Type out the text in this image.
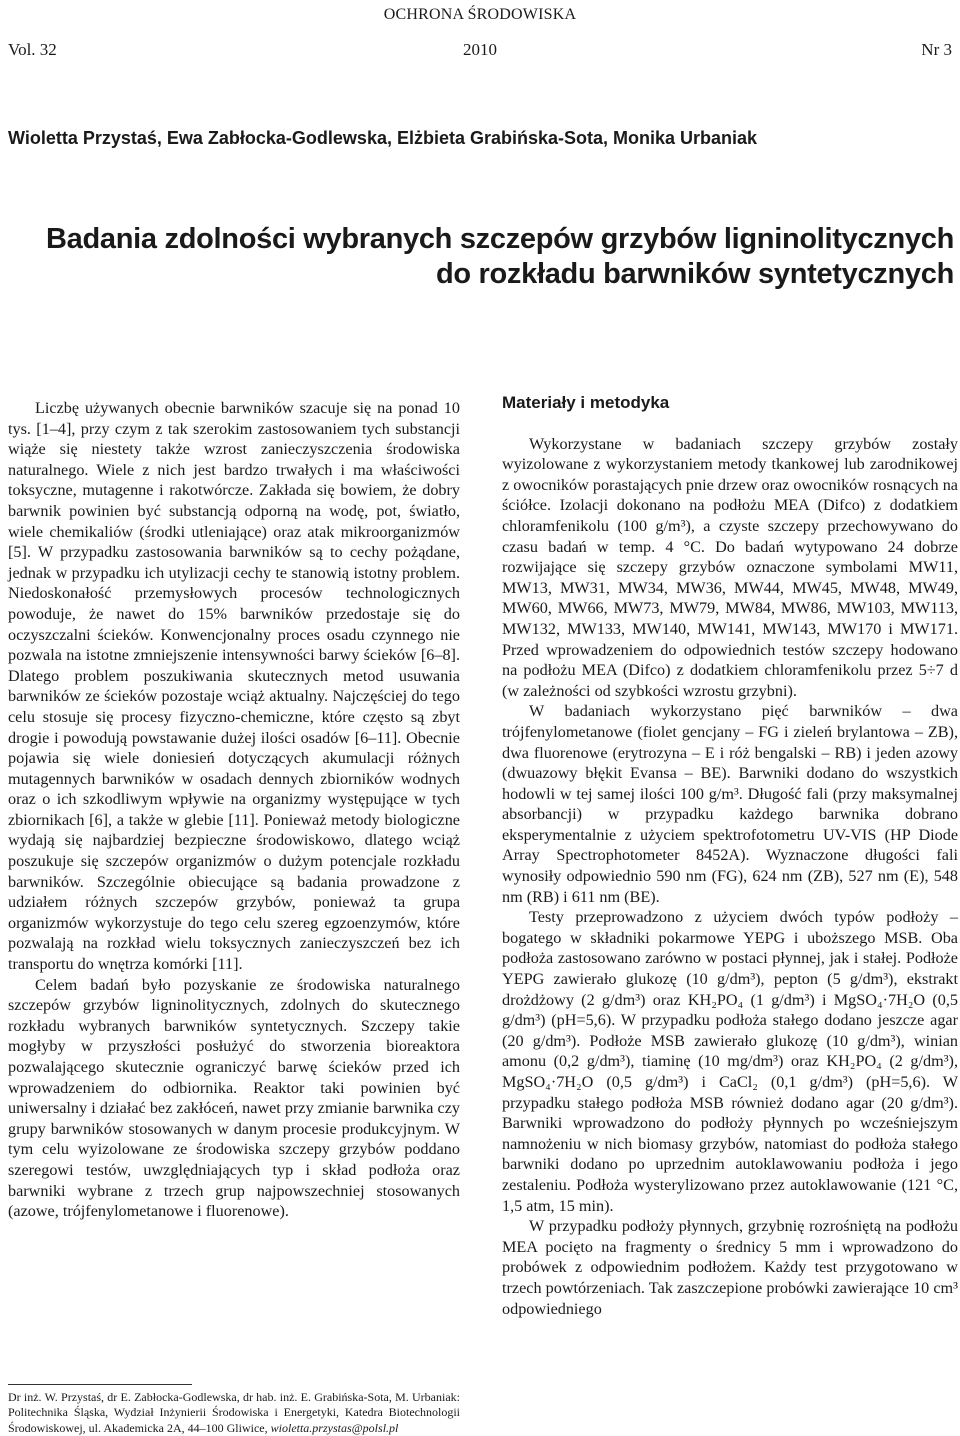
OCHRONA ŚRODOWISKA
2010
Vol. 32	Nr 3
Wioletta Przystaś, Ewa Zabłocka-Godlewska, Elżbieta Grabińska-Sota, Monika Urbaniak
Badania zdolności wybranych szczepów grzybów ligninolitycznych
do rozkładu barwników syntetycznych

Liczbę używanych obecnie barwników szacuje się na ponad 10 tys. [1–4], przy czym z tak szerokim zastosowaniem tych substancji wiąże się niestety także wzrost zanieczyszczenia środowiska naturalnego. Wiele z nich jest bardzo trwałych i ma właściwości toksyczne, mutagenne i rakotwórcze. Zakłada się bowiem, że dobry barwnik powinien być substancją odporną na wodę, pot, światło, wiele chemikaliów (środki utleniające) oraz atak mikroorganizmów [5]. W przypadku zastosowania barwników są to cechy pożądane, jednak w przypadku ich utylizacji cechy te stanowią istotny problem. Niedoskonałość przemysłowych procesów technologicznych powoduje, że nawet do 15% barwników przedostaje się do oczyszczalni ścieków. Konwencjonalny proces osadu czynnego nie pozwala na istotne zmniejszenie intensywności barwy ścieków [6–8]. Dlatego problem poszukiwania skutecznych metod usuwania barwników ze ścieków pozostaje wciąż aktualny. Najczęściej do tego celu stosuje się procesy fizyczno-chemiczne, które często są zbyt drogie i powodują powstawanie dużej ilości osadów [6–11]. Obecnie pojawia się wiele doniesień dotyczących akumulacji różnych mutagennych barwników w osadach dennych zbiorników wodnych oraz o ich szkodliwym wpływie na organizmy występujące w tych zbiornikach [6], a także w glebie [11]. Ponieważ metody biologiczne wydają się najbardziej bezpieczne środowiskowo, dlatego wciąż poszukuje się szczepów organizmów o dużym potencjale rozkładu barwników. Szczególnie obiecujące są badania prowadzone z udziałem różnych szczepów grzybów, ponieważ ta grupa organizmów wykorzystuje do tego celu szereg egzoenzymów, które pozwalają na rozkład wielu toksycznych zanieczyszczeń bez ich transportu do wnętrza komórki [11].

Celem badań było pozyskanie ze środowiska naturalnego szczepów grzybów ligninolitycznych, zdolnych do skutecznego rozkładu wybranych barwników syntetycznych. Szczepy takie mogłyby w przyszłości posłużyć do stworzenia bioreaktora pozwalającego skutecznie ograniczyć barwę ścieków przed ich wprowadzeniem do odbiornika. Reaktor taki powinien być uniwersalny i działać bez zakłóceń, nawet przy zmianie barwnika czy grupy barwników stosowanych w danym procesie produkcyjnym. W tym celu wyizolowane ze środowiska szczepy grzybów poddano szeregowi testów, uwzględniających typ i skład podłoża oraz barwniki wybrane z trzech grup najpowszechniej stosowanych (azowe, trójfenylometanowe i fluorenowe).

Materiały i metodyka

Wykorzystane w badaniach szczepy grzybów zostały wyizolowane z wykorzystaniem metody tkankowej lub zarodnikowej z owocników porastających pnie drzew oraz owocników rosnących na ściółce. Izolacji dokonano na podłożu MEA (Difco) z dodatkiem chloramfenikolu (100 g/m³), a czyste szczepy przechowywano do czasu badań w temp. 4 °C. Do badań wytypowano 24 dobrze rozwijające się szczepy grzybów oznaczone symbolami MW11, MW13, MW31, MW34, MW36, MW44, MW45, MW48, MW49, MW60, MW66, MW73, MW79, MW84, MW86, MW103, MW113, MW132, MW133, MW140, MW141, MW143, MW170 i MW171. Przed wprowadzeniem do odpowiednich testów szczepy hodowano na podłożu MEA (Difco) z dodatkiem chloramfenikolu przez 5÷7 d (w zależności od szybkości wzrostu grzybni).

W badaniach wykorzystano pięć barwników – dwa trójfenylometanowe (fiolet gencjany – FG i zieleń brylantowa – ZB), dwa fluorenowe (erytrozyna – E i róż bengalski – RB) i jeden azowy (dwuazowy błękit Evansa – BE). Barwniki dodano do wszystkich hodowli w tej samej ilości 100 g/m³. Długość fali (przy maksymalnej absorbancji) w przypadku każdego barwnika dobrano eksperymentalnie z użyciem spektrofotometru UV-VIS (HP Diode Array Spectrophotometer 8452A). Wyznaczone długości fali wynosiły odpowiednio 590 nm (FG), 624 nm (ZB), 527 nm (E), 548 nm (RB) i 611 nm (BE).

Testy przeprowadzono z użyciem dwóch typów podłoży – bogatego w składniki pokarmowe YEPG i uboższego MSB. Oba podłoża zastosowano zarówno w postaci płynnej, jak i stałej. Podłoże YEPG zawierało glukozę (10 g/dm³), pepton (5 g/dm³), ekstrakt drożdżowy (2 g/dm³) oraz KH₂PO₄ (1 g/dm³) i MgSO₄·7H₂O (0,5 g/dm³) (pH=5,6). W przypadku podłoża stałego dodano jeszcze agar (20 g/dm³). Podłoże MSB zawierało glukozę (10 g/dm³), winian amonu (0,2 g/dm³), tiaminę (10 mg/dm³) oraz KH₂PO₄ (2 g/dm³), MgSO₄·7H₂O (0,5 g/dm³) i CaCl₂ (0,1 g/dm³) (pH=5,6). W przypadku stałego podłoża MSB również dodano agar (20 g/dm³). Barwniki wprowadzono do podłoży płynnych po wcześniejszym namnożeniu w nich biomasy grzybów, natomiast do podłoża stałego barwniki dodano po uprzednim autoklawowaniu podłoża i jego zestaleniu. Podłoża wysterylizowano przez autoklawowanie (121 °C, 1,5 atm, 15 min).

W przypadku podłoży płynnych, grzybnię rozrośniętą na podłożu MEA pocięto na fragmenty o średnicy 5 mm i wprowadzono do probówek z odpowiednim podłożem. Każdy test przygotowano w trzech powtórzeniach. Tak zaszczepione probówki zawierające 10 cm³ odpowiedniego

Dr inż. W. Przystaś, dr E. Zabłocka-Godlewska, dr hab. inż. E. Grabińska-Sota, M. Urbaniak: Politechnika Śląska, Wydział Inżynierii Środowiska i Energetyki, Katedra Biotechnologii Środowiskowej, ul. Akademicka 2A, 44–100 Gliwice, wioletta.przystas@polsl.pl
